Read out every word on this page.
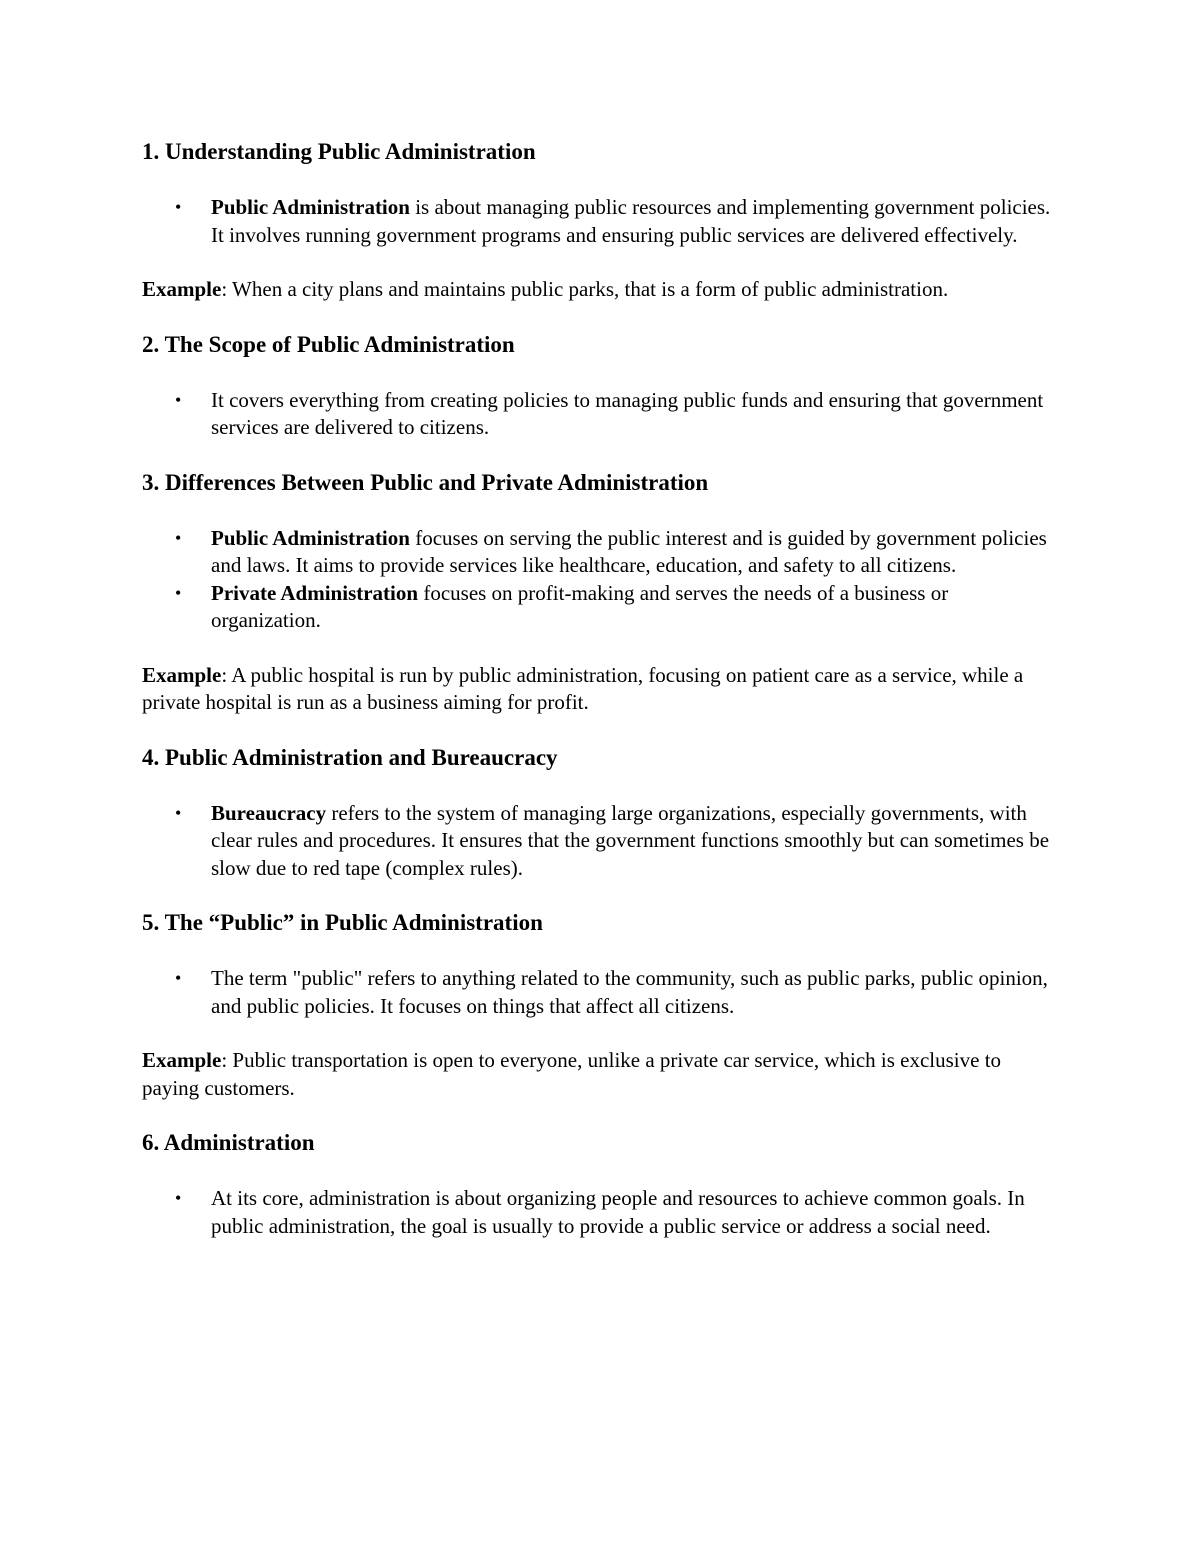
1. Understanding Public Administration
• Public Administration is about managing public resources and implementing government policies. It involves running government programs and ensuring public services are delivered effectively.

Example: When a city plans and maintains public parks, that is a form of public administration.

2. The Scope of Public Administration
• It covers everything from creating policies to managing public funds and ensuring that government services are delivered to citizens.
3. Differences Between Public and Private Administration
• Public Administration focuses on serving the public interest and is guided by government policies and laws. It aims to provide services like healthcare, education, and safety to all citizens.
• Private Administration focuses on profit-making and serves the needs of a business or organization.

Example: A public hospital is run by public administration, focusing on patient care as a service, while a private hospital is run as a business aiming for profit.

4. Public Administration and Bureaucracy
• Bureaucracy refers to the system of managing large organizations, especially governments, with clear rules and procedures. It ensures that the government functions smoothly but can sometimes be slow due to red tape (complex rules).
5. The “Public” in Public Administration
• The term "public" refers to anything related to the community, such as public parks, public opinion, and public policies. It focuses on things that affect all citizens.

Example: Public transportation is open to everyone, unlike a private car service, which is exclusive to paying customers.

6. Administration
• At its core, administration is about organizing people and resources to achieve common goals. In public administration, the goal is usually to provide a public service or address a social need.
